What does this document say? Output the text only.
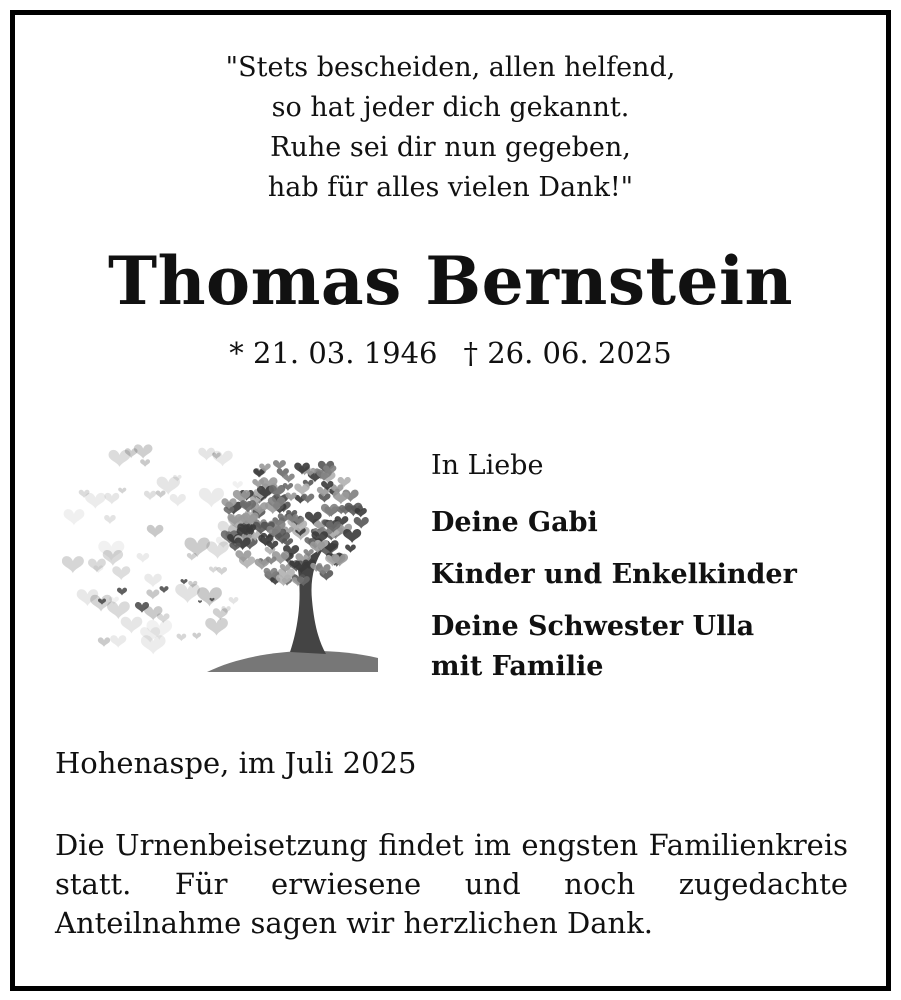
"Stets bescheiden, allen helfend,
so hat jeder dich gekannt.
Ruhe sei dir nun gegeben,
hab für alles vielen Dank!"
Thomas Bernstein
* 21. 03. 1946 † 26. 06. 2025
In Liebe
Deine Gabi
Kinder und Enkelkinder
Deine Schwester Ulla
mit Familie
Hohenaspe, im Juli 2025
Die Urnenbeisetzung findet im engsten Familienkreis statt. Für erwiesene und noch zugedachte Anteilnahme sagen wir herzlichen Dank.
